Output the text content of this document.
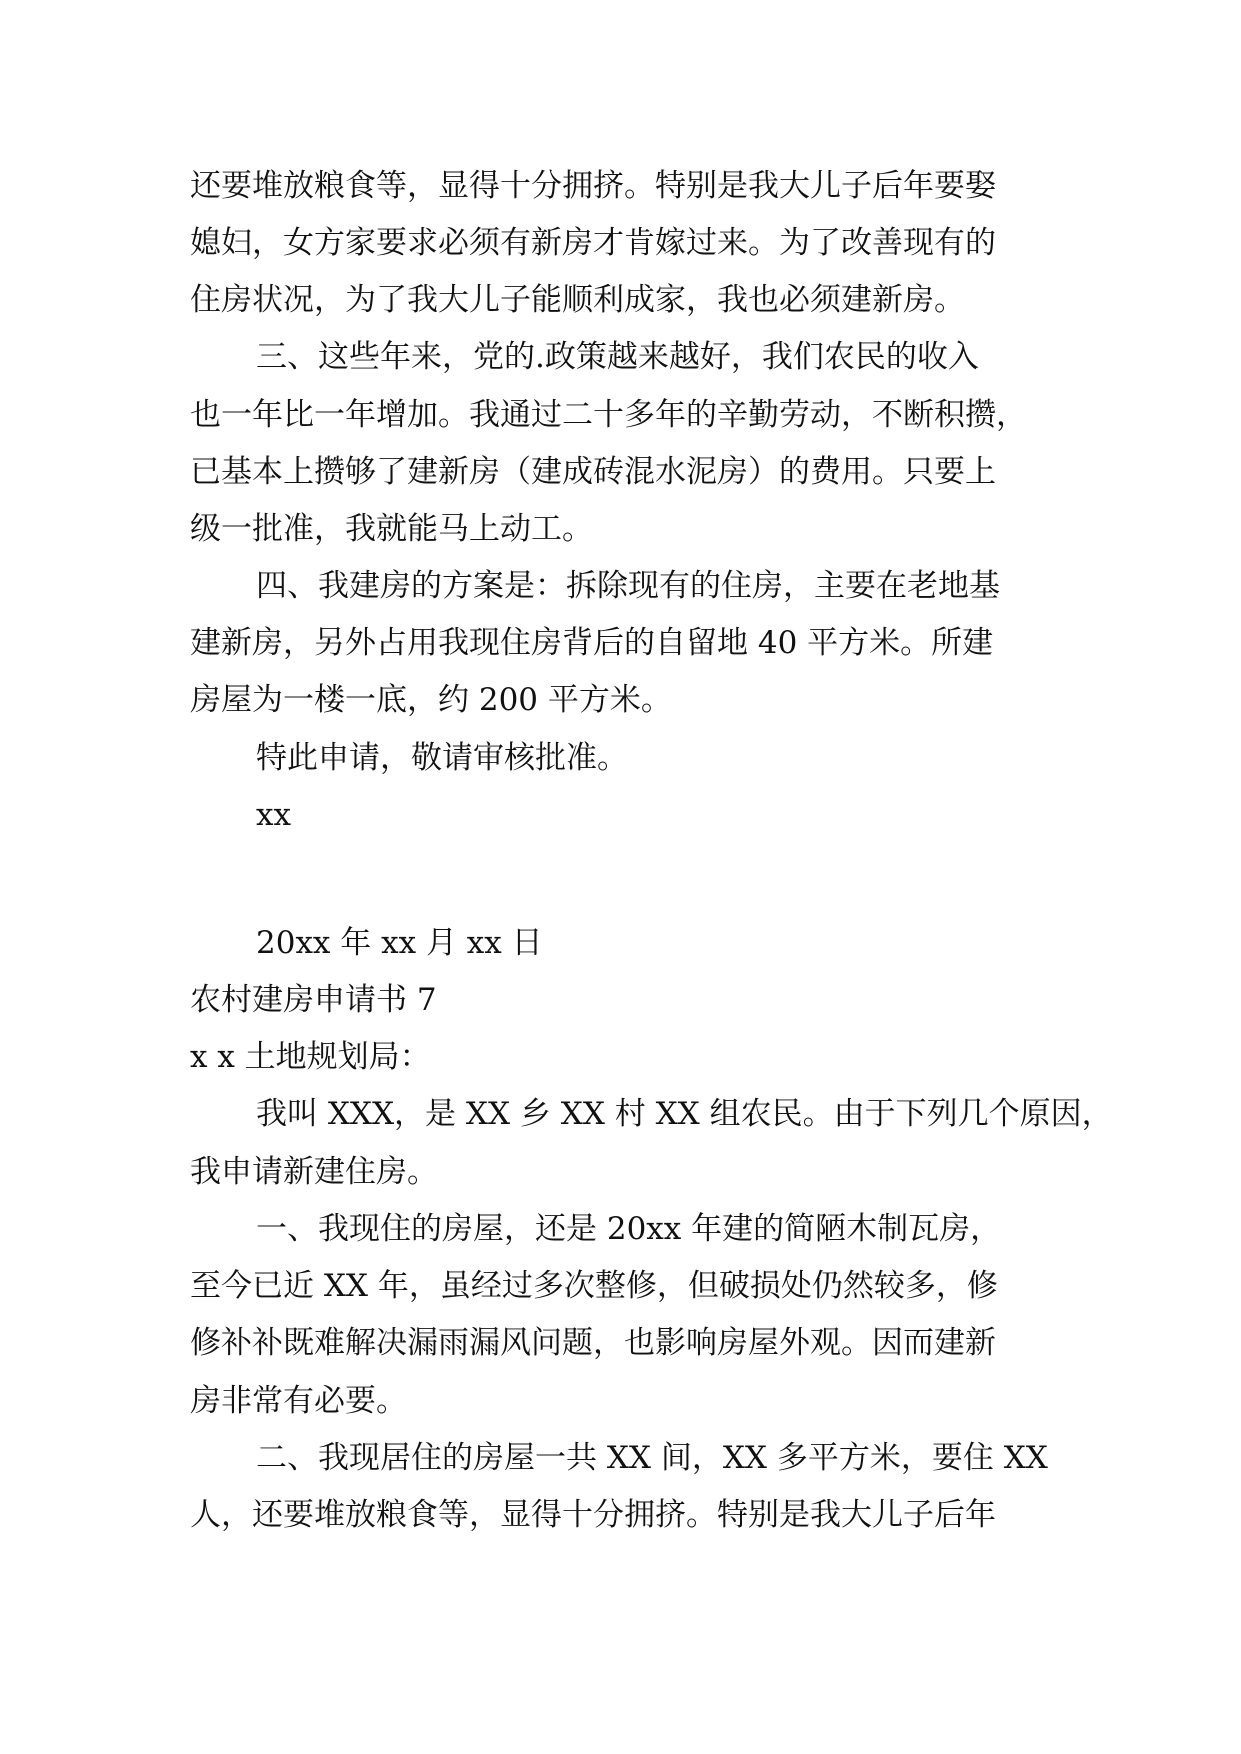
还要堆放粮食等，显得十分拥挤。特别是我大儿子后年要娶
媳妇，女方家要求必须有新房才肯嫁过来。为了改善现有的
住房状况，为了我大儿子能顺利成家，我也必须建新房。
三、这些年来，党的.政策越来越好，我们农民的收入
也一年比一年增加。我通过二十多年的辛勤劳动，不断积攒，
已基本上攒够了建新房（建成砖混水泥房）的费用。只要上
级一批准，我就能马上动工。
四、我建房的方案是：拆除现有的住房，主要在老地基
建新房，另外占用我现住房背后的自留地 40 平方米。所建
房屋为一楼一底，约 200 平方米。
特此申请，敬请审核批准。
xx
20xx 年 xx 月 xx 日
农村建房申请书 7
x x 土地规划局：
我叫 XXX，是 XX 乡 XX 村 XX 组农民。由于下列几个原因，
我申请新建住房。
一、我现住的房屋，还是 20xx 年建的简陋木制瓦房，
至今已近 XX 年，虽经过多次整修，但破损处仍然较多，修
修补补既难解决漏雨漏风问题，也影响房屋外观。因而建新
房非常有必要。
二、我现居住的房屋一共 XX 间，XX 多平方米，要住 XX
人，还要堆放粮食等，显得十分拥挤。特别是我大儿子后年
